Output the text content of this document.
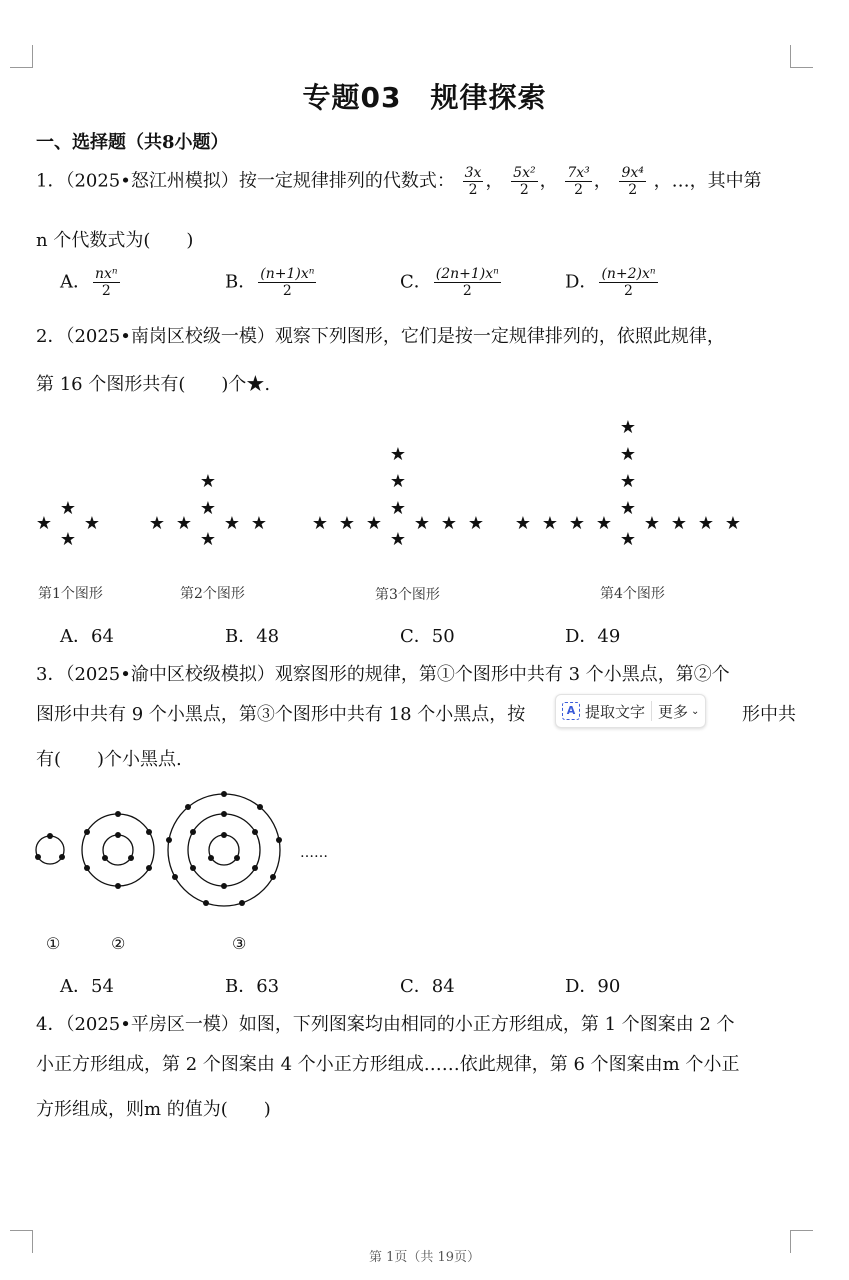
专题03　规律探索
一、选择题（共8小题）
1．（2025•怒江州模拟）按一定规律排列的代数式： $\frac{3x}{2}$ ， $\frac{\text{5x²}}{2}$ ， $\frac{\text{7x³}}{2}$ ， $\frac{\text{9x⁴}}{2}$ ，…，其中第
n 个代数式为(　　)
A． $\frac{\text{nxⁿ}}{2}$	B． $\frac{\text{(n+1)xⁿ}}{2}$	C． $\frac{\text{(2n+1)xⁿ}}{2}$	D． $\frac{\text{(n+2)xⁿ}}{2}$
2．（2025•南岗区校级一模）观察下列图形，它们是按一定规律排列的，依照此规律，
第 16 个图形共有(　　)个★.
★ ★
★
★
★ ★
★	★
★
★
★
★ ★
★	★
★	★
★
★
★
★
★ ★
★	★
★	★
★	★
★
★
★
★
★
第1个图形	第2个图形	第3个图形	第4个图形
A．64	B．48	C．50	D．49
3．（2025•渝中区校级模拟）观察图形的规律，第①个图形中共有 3 个小黑点，第②个
图形中共有 9 个小黑点，第③个图形中共有 18 个小黑点，按	形中共
有(　　)个小黑点.
A 提取文字 更多 ⌄
……
①	②	③
A．54	B．63	C．84	D．90
4．（2025•平房区一模）如图，下列图案均由相同的小正方形组成，第 1 个图案由 2 个
小正方形组成，第 2 个图案由 4 个小正方形组成……依此规律，第 6 个图案由m 个小正
方形组成，则m 的值为(　　)
第 1页（共 19页）
